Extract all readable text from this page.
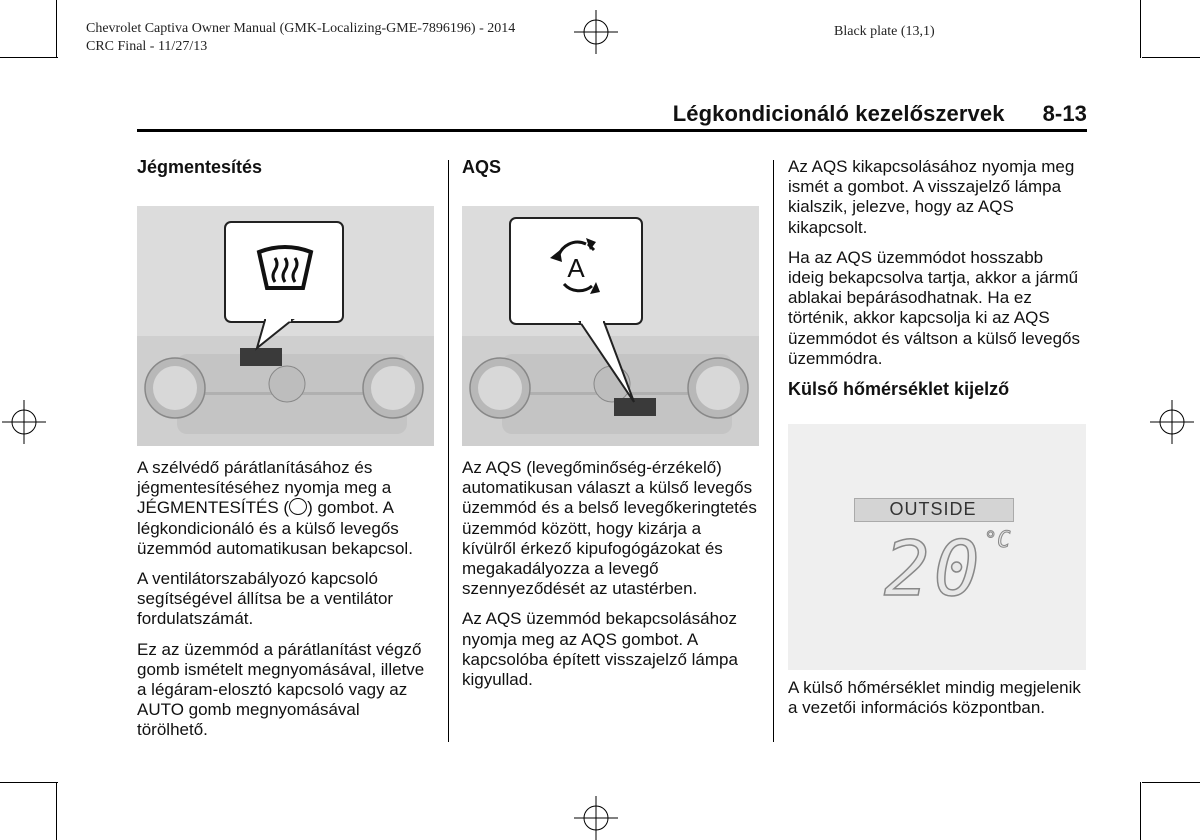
Chevrolet Captiva Owner Manual (GMK-Localizing-GME-7896196) - 2014
CRC Final - 11/27/13
Black plate (13,1)
Légkondicionáló kezelőszervek 8-13
Jégmentesítés

A szélvédő párátlanításához és jégmentesítéséhez nyomja meg a JÉGMENTESÍTÉS ( ) gombot. A légkondicionáló és a külső levegős üzemmód automatikusan bekapcsol.

A ventilátorszabályozó kapcsoló segítségével állítsa be a ventilátor fordulatszámát.

Ez az üzemmód a párátlanítást végző gomb ismételt megnyomásával, illetve a légáram-elosztó kapcsoló vagy az AUTO gomb megnyomásával törölhető.

AQS
A

Az AQS (levegőminőség-érzékelő) automatikusan választ a külső levegős üzemmód és a belső levegőkeringtetés üzemmód között, hogy kizárja a kívülről érkező kipufogógázokat és megakadályozza a levegő szennyeződését az utastérben.

Az AQS üzemmód bekapcsolásához nyomja meg az AQS gombot. A kapcsolóba épített visszajelző lámpa kigyullad.

Az AQS kikapcsolásához nyomja meg ismét a gombot. A visszajelző lámpa kialszik, jelezve, hogy az AQS kikapcsolt.

Ha az AQS üzemmódot hosszabb ideig bekapcsolva tartja, akkor a jármű ablakai bepárásodhatnak. Ha ez történik, akkor kapcsolja ki az AQS üzemmódot és váltson a külső levegős üzemmódra.

Külső hőmérséklet kijelző
OUTSIDE
20 °C

A külső hőmérséklet mindig megjelenik a vezetői információs központban.
